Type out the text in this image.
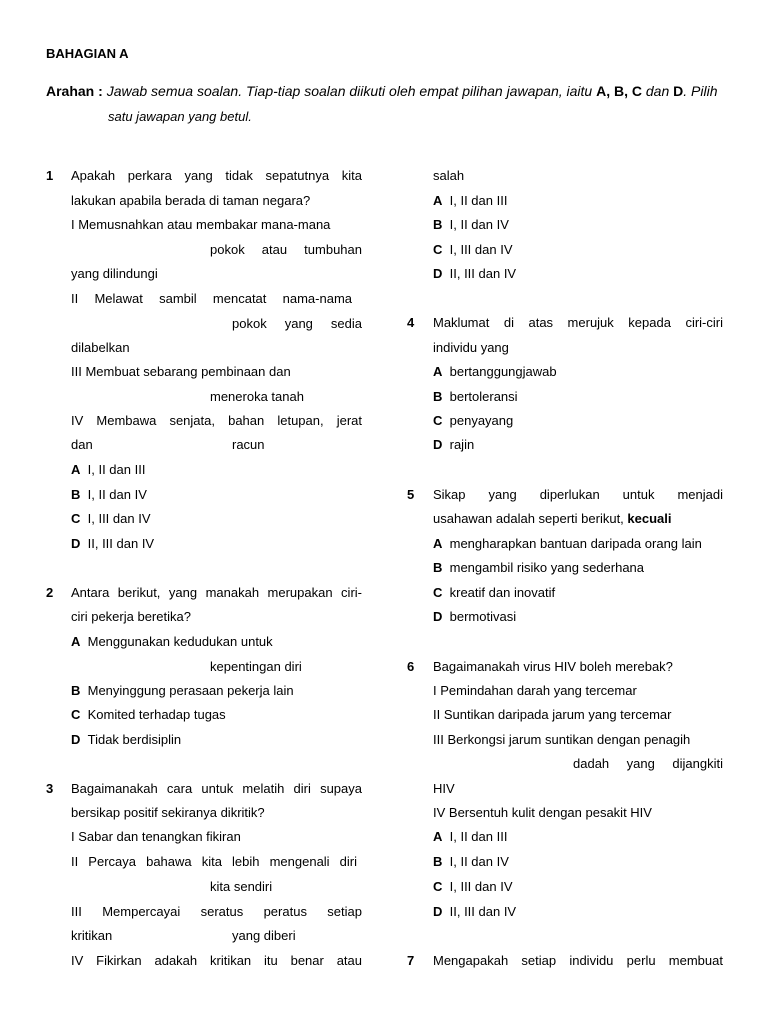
BAHAGIAN A
Arahan : Jawab semua soalan. Tiap-tiap soalan diikuti oleh empat pilihan jawapan, iaitu A, B, C dan D. Pilih
satu jawapan yang betul.
1 Apakah perkara yang tidak sepatutnya kita
lakukan apabila berada di taman negara?
I Memusnahkan atau membakar mana-mana
pokok atau tumbuhan
yang dilindungi
II Melawat sambil mencatat nama-nama
pokok yang sedia
dilabelkan
III Membuat sebarang pembinaan dan
meneroka tanah
IV Membawa senjata, bahan letupan, jerat
dan	racun
A I, II dan III
B I, II dan IV
C I, III dan IV
D II, III dan IV
2 Antara berikut, yang manakah merupakan ciri-
ciri pekerja beretika?
A Menggunakan kedudukan untuk
kepentingan diri
B Menyinggung perasaan pekerja lain
C Komited terhadap tugas
D Tidak berdisiplin
3 Bagaimanakah cara untuk melatih diri supaya
bersikap positif sekiranya dikritik?
I Sabar dan tenangkan fikiran
II Percaya bahawa kita lebih mengenali diri
kita sendiri
III Mempercayai seratus peratus setiap
kritikan	yang diberi
IV Fikirkan adakah kritikan itu benar atau
salah
A I, II dan III
B I, II dan IV
C I, III dan IV
D II, III dan IV
4 Maklumat di atas merujuk kepada ciri-ciri
individu yang
A bertanggungjawab
B bertoleransi
C penyayang
D rajin
5 Sikap yang diperlukan untuk menjadi
usahawan adalah seperti berikut, kecuali
A mengharapkan bantuan daripada orang lain
B mengambil risiko yang sederhana
C kreatif dan inovatif
D bermotivasi
6 Bagaimanakah virus HIV boleh merebak?
I Pemindahan darah yang tercemar
II Suntikan daripada jarum yang tercemar
III Berkongsi jarum suntikan dengan penagih
dadah yang dijangkiti
HIV
IV Bersentuh kulit dengan pesakit HIV
A I, II dan III
B I, II dan IV
C I, III dan IV
D II, III dan IV
7 Mengapakah setiap individu perlu membuat
